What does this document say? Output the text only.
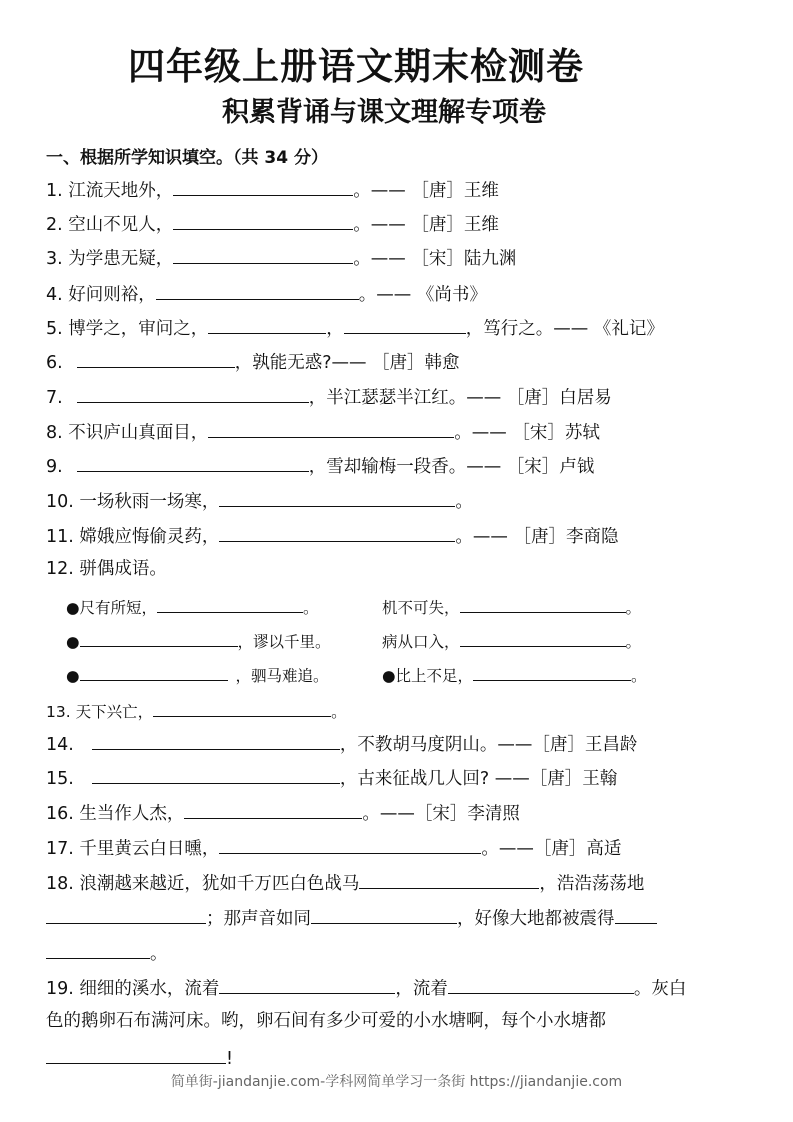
四年级上册语文期末检测卷
积累背诵与课文理解专项卷
一、根据所学知识填空。（共 34 分）
1. 江流天地外，	。—— ［唐］王维
2. 空山不见人，	。—— ［唐］王维
3. 为学患无疑，	。—— ［宋］陆九渊
4. 好问则裕，	。—— 《尚书》
5. 博学之，审问之，	，	，笃行之。—— 《礼记》
6.	，孰能无惑?—— ［唐］韩愈
7.	，半江瑟瑟半江红。—— ［唐］白居易
8. 不识庐山真面目，	。—— ［宋］苏轼
9.	，雪却输梅一段香。—— ［宋］卢钺
10. 一场秋雨一场寒，	。
11. 嫦娥应悔偷灵药，	。—— ［唐］李商隐
12. 骈偶成语。
●尺有所短，	。	机不可失，	。
●	，谬以千里。	病从口入，	。
●	，驷马难追。	●比上不足，	。
13. 天下兴亡，	。
14.	，不教胡马度阴山。——［唐］王昌龄
15.	，古来征战几人回? ——［唐］王翰
16. 生当作人杰，	。——［宋］李清照
17. 千里黄云白日曛，	。——［唐］高适
18. 浪潮越来越近，犹如千万匹白色战马	，浩浩荡荡地
；那声音如同	，好像大地都被震得
。
19. 细细的溪水，流着	，流着	。灰白
色的鹅卵石布满河床。哟，卵石间有多少可爱的小水塘啊，每个小水塘都
!
简单街-jiandanjie.com-学科网简单学习一条街 https://jiandanjie.com
